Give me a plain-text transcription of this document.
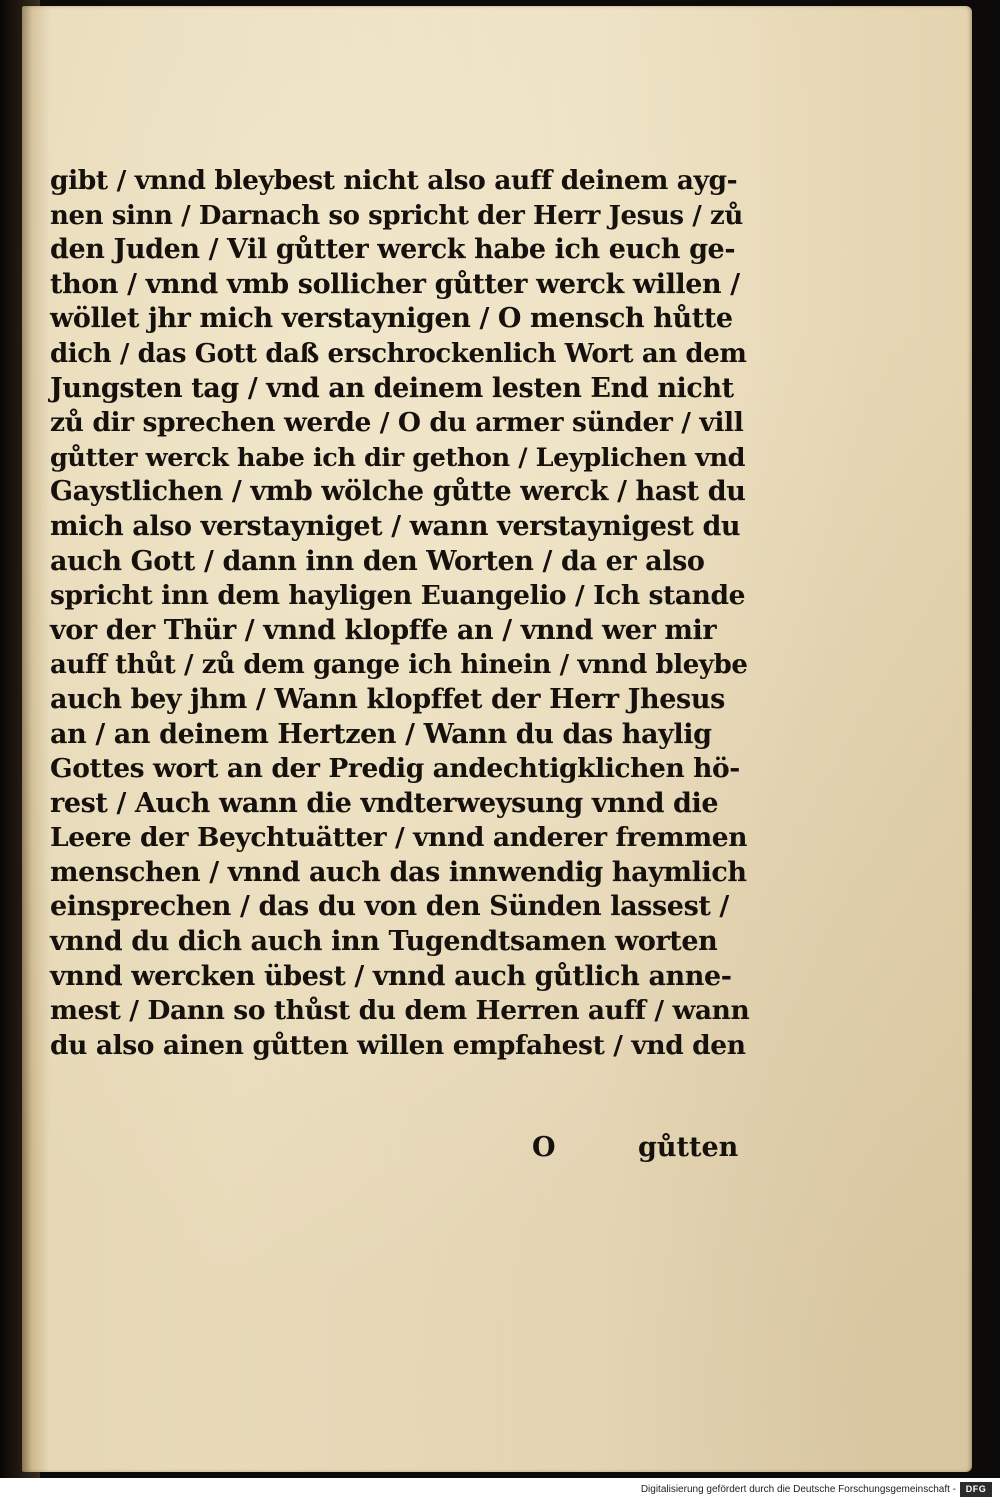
gibt / vnnd bleybest nicht also auff deinem ayg-
nen sinn / Darnach so spricht der Herr Jesus / zů
den Juden / Vil gůtter werck habe ich euch ge-
thon / vnnd vmb sollicher gůtter werck willen /
wöllet jhr mich verstaynigen / O mensch hůtte
dich / das Gott daß erschrockenlich Wort an dem
Jungsten tag / vnd an deinem lesten End nicht
zů dir sprechen werde / O du armer sünder / vill
gůtter werck habe ich dir gethon / Leyplichen vnd
Gaystlichen / vmb wölche gůtte werck / hast du
mich also verstayniget / wann verstaynigest du
auch Gott / dann inn den Worten / da er also
spricht inn dem hayligen Euangelio / Ich stande
vor der Thür / vnnd klopffe an / vnnd wer mir
auff thůt / zů dem gange ich hinein / vnnd bleybe
auch bey jhm / Wann klopffet der Herr Jhesus
an / an deinem Hertzen / Wann du das haylig
Gottes wort an der Predig andechtigklichen hö-
rest / Auch wann die vndterweysung vnnd die
Leere der Beychtuätter / vnnd anderer fremmen
menschen / vnnd auch das innwendig haymlich
einsprechen / das du von den Sünden lassest /
vnnd du dich auch inn Tugendtsamen worten
vnnd wercken übest / vnnd auch gůtlich anne-
mest / Dann so thůst du dem Herren auff / wann
du also ainen gůtten willen empfahest / vnd den
O	gůtten
Digitalisierung gefördert durch die Deutsche Forschungsgemeinschaft -	DFG
